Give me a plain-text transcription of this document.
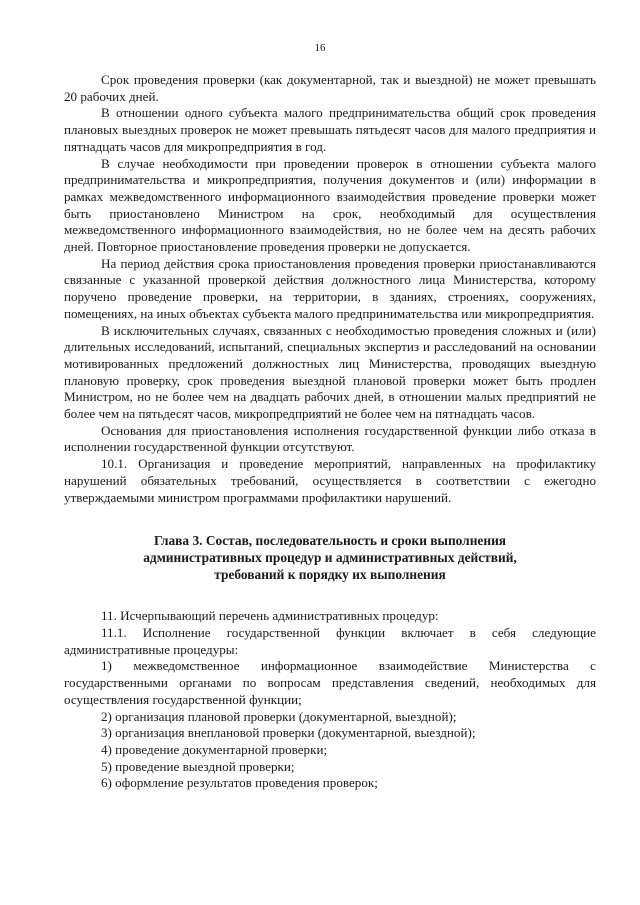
16

Срок проведения проверки (как документарной, так и выездной) не может превышать 20 рабочих дней.

В отношении одного субъекта малого предпринимательства общий срок проведения плановых выездных проверок не может превышать пятьдесят часов для малого предприятия и пятнадцать часов для микропредприятия в год.

В случае необходимости при проведении проверок в отношении субъекта малого предпринимательства и микропредприятия, получения документов и (или) информации в рамках межведомственного информационного взаимодействия проведение проверки может быть приостановлено Министром на срок, необходимый для осуществления межведомственного информационного взаимодействия, но не более чем на десять рабочих дней. Повторное приостановление проведения проверки не допускается.

На период действия срока приостановления проведения проверки приостанавливаются связанные с указанной проверкой действия должностного лица Министерства, которому поручено проведение проверки, на территории, в зданиях, строениях, сооружениях, помещениях, на иных объектах субъекта малого предпринимательства или микропредприятия.

В исключительных случаях, связанных с необходимостью проведения сложных и (или) длительных исследований, испытаний, специальных экспертиз и расследований на основании мотивированных предложений должностных лиц Министерства, проводящих выездную плановую проверку, срок проведения выездной плановой проверки может быть продлен Министром, но не более чем на двадцать рабочих дней, в отношении малых предприятий не более чем на пятьдесят часов, микропредприятий не более чем на пятнадцать часов.

Основания для приостановления исполнения государственной функции либо отказа в исполнении государственной функции отсутствуют.

10.1. Организация и проведение мероприятий, направленных на профилактику нарушений обязательных требований, осуществляется в соответствии с ежегодно утверждаемыми министром программами профилактики нарушений.

Глава 3. Состав, последовательность и сроки выполнения
административных процедур и административных действий,
требований к порядку их выполнения

11. Исчерпывающий перечень административных процедур:

11.1. Исполнение государственной функции включает в себя следующие административные процедуры:

1) межведомственное информационное взаимодействие Министерства с государственными органами по вопросам представления сведений, необходимых для осуществления государственной функции;

2) организация плановой проверки (документарной, выездной);

3) организация внеплановой проверки (документарной, выездной);

4) проведение документарной проверки;

5) проведение выездной проверки;

6) оформление результатов проведения проверок;
